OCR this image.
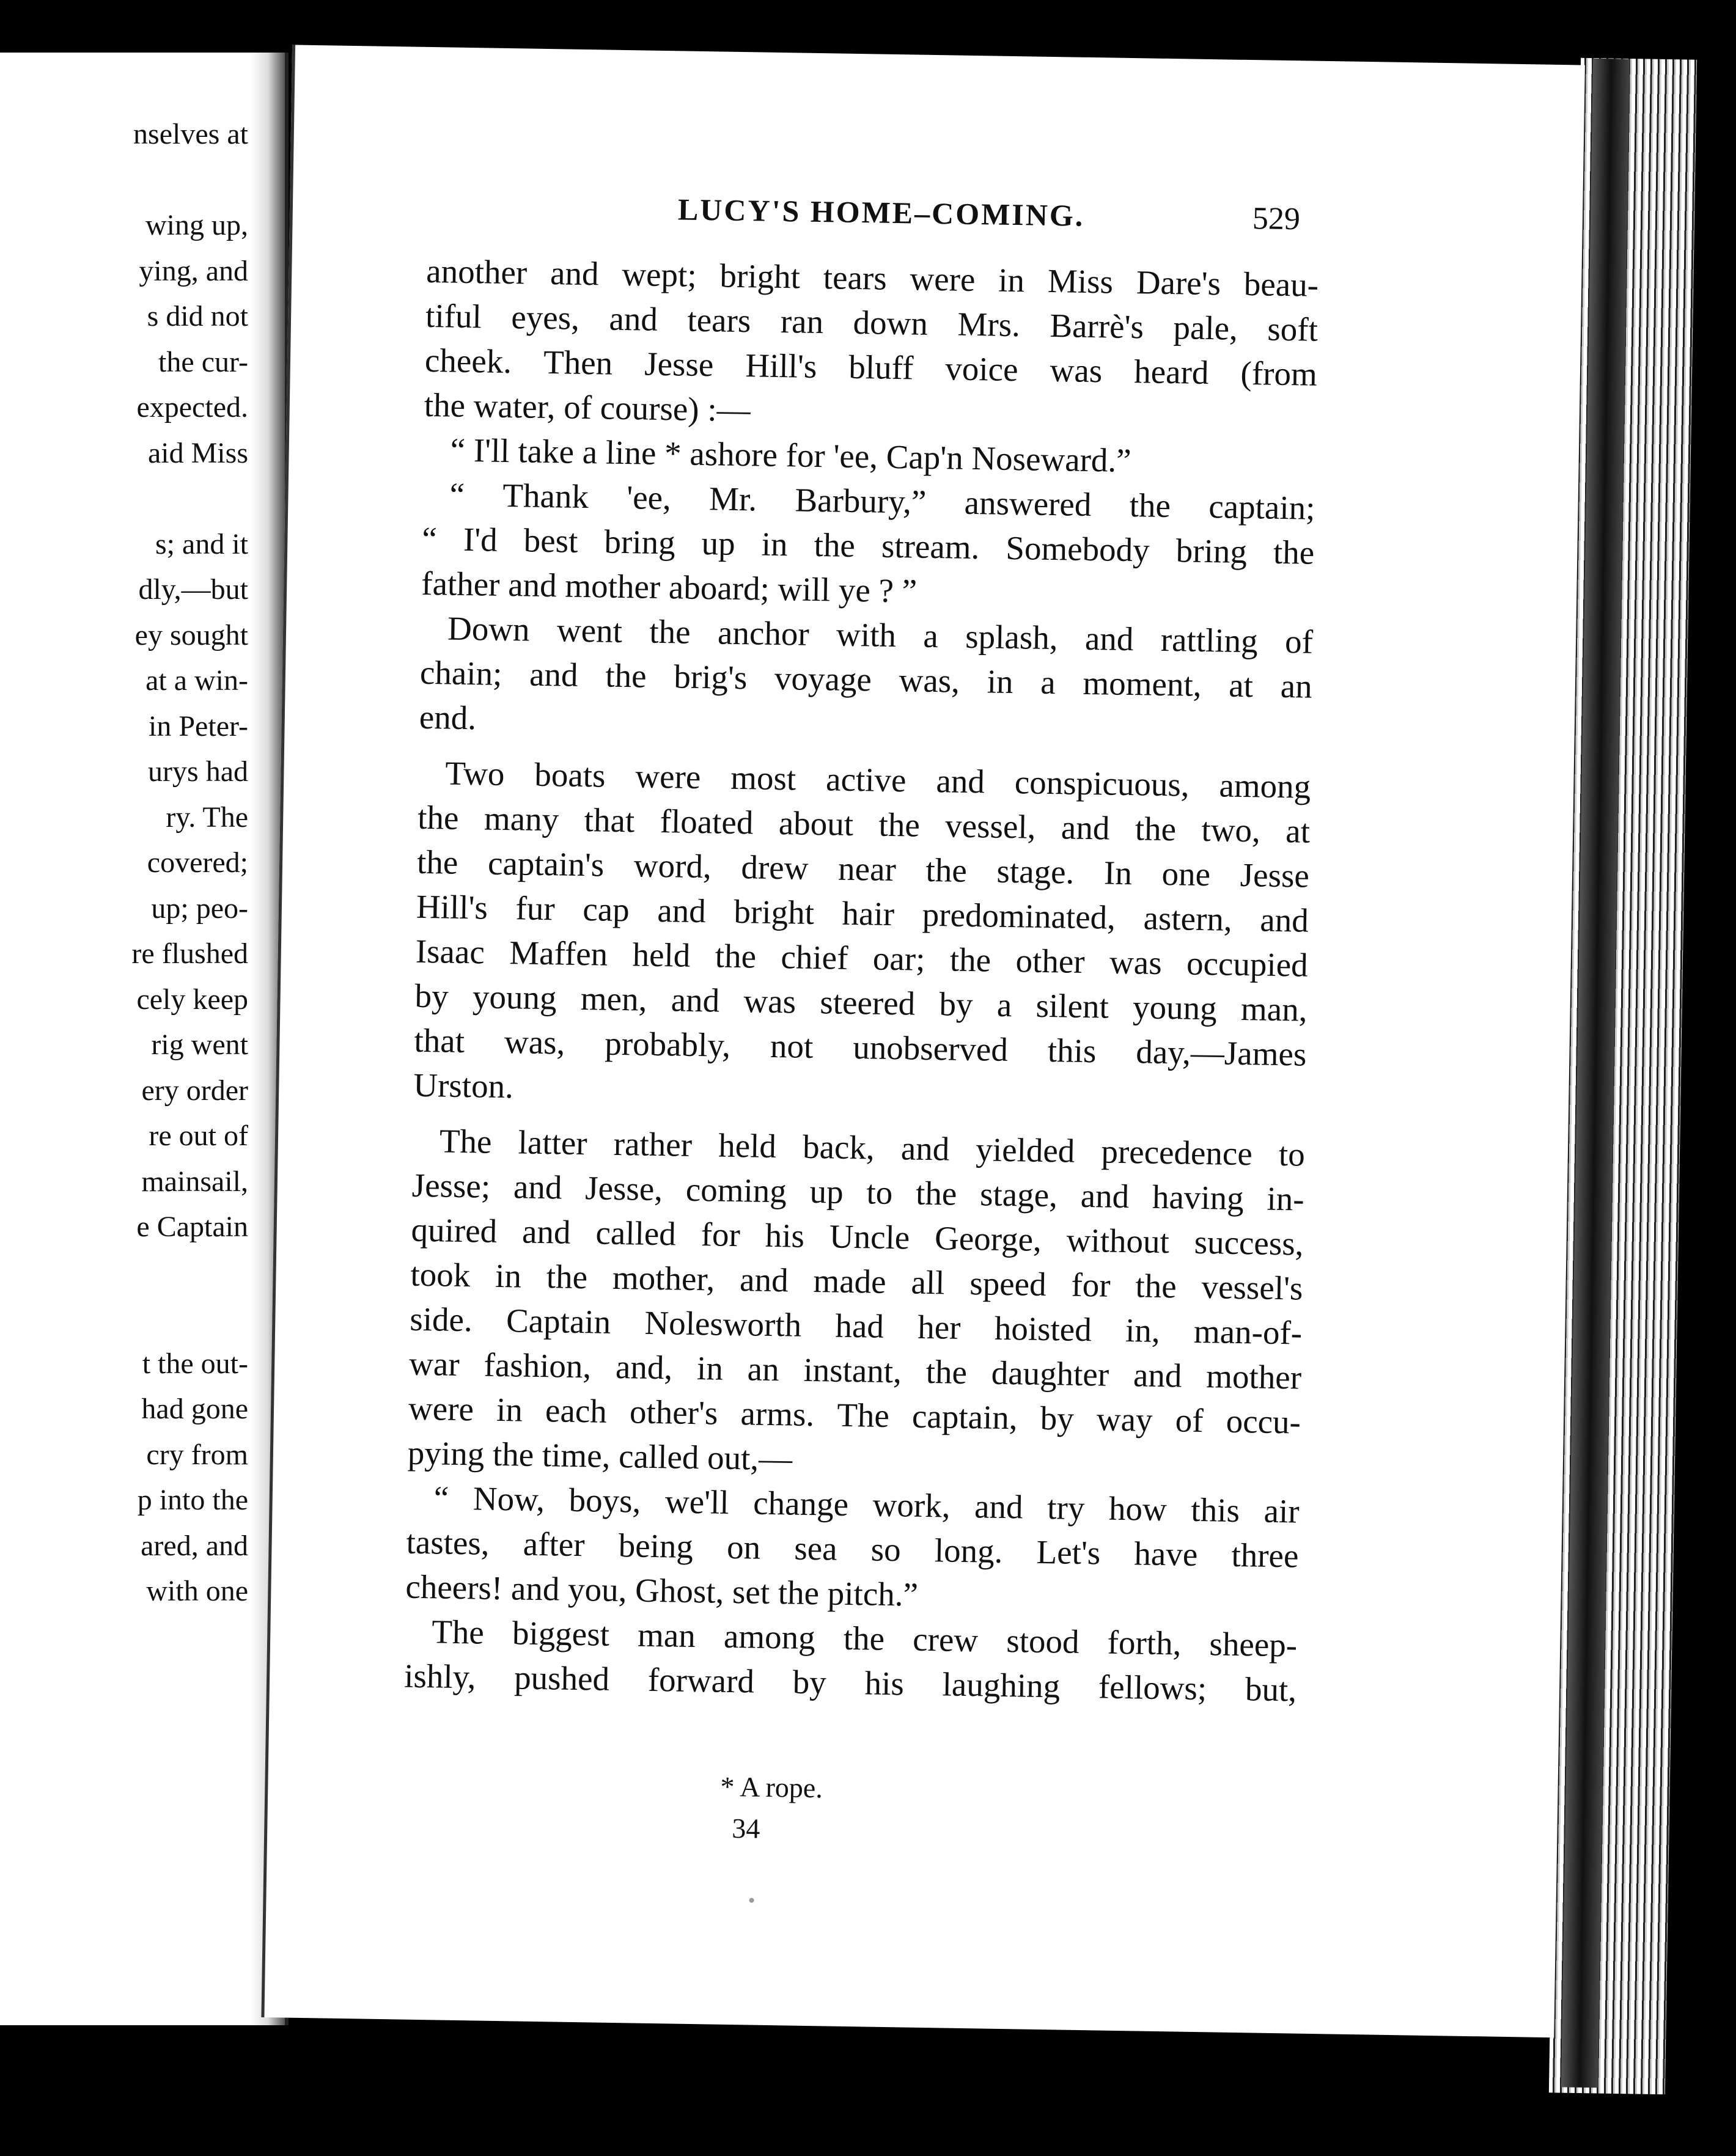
nselves at
wing up,
ying, and
s did not
the cur-
expected.
aid Miss
s; and it
dly,—but
ey sought
at a win-
in Peter-
urys had
ry. The
covered;
up; peo-
re flushed
cely keep
rig went
ery order
re out of
mainsail,
e Captain
t the out-
had gone
cry from
p into the
ared, and
with one
LUCY'S HOME–COMING.	529
another and wept; bright tears were in Miss Dare's beau-
tiful eyes, and tears ran down Mrs. Barrè's pale, soft
cheek. Then Jesse Hill's bluff voice was heard (from
the water, of course) :—
“ I'll take a line * ashore for 'ee, Cap'n Noseward.”
“ Thank 'ee, Mr. Barbury,” answered the captain;
“ I'd best bring up in the stream. Somebody bring the
father and mother aboard; will ye ? ”
Down went the anchor with a splash, and rattling of
chain; and the brig's voyage was, in a moment, at an
end.
Two boats were most active and conspicuous, among
the many that floated about the vessel, and the two, at
the captain's word, drew near the stage. In one Jesse
Hill's fur cap and bright hair predominated, astern, and
Isaac Maffen held the chief oar; the other was occupied
by young men, and was steered by a silent young man,
that was, probably, not unobserved this day,—James
Urston.
The latter rather held back, and yielded precedence to
Jesse; and Jesse, coming up to the stage, and having in-
quired and called for his Uncle George, without success,
took in the mother, and made all speed for the vessel's
side. Captain Nolesworth had her hoisted in, man-of-
war fashion, and, in an instant, the daughter and mother
were in each other's arms. The captain, by way of occu-
pying the time, called out,—
“ Now, boys, we'll change work, and try how this air
tastes, after being on sea so long. Let's have three
cheers! and you, Ghost, set the pitch.”
The biggest man among the crew stood forth, sheep-
ishly, pushed forward by his laughing fellows; but,
* A rope.
34
